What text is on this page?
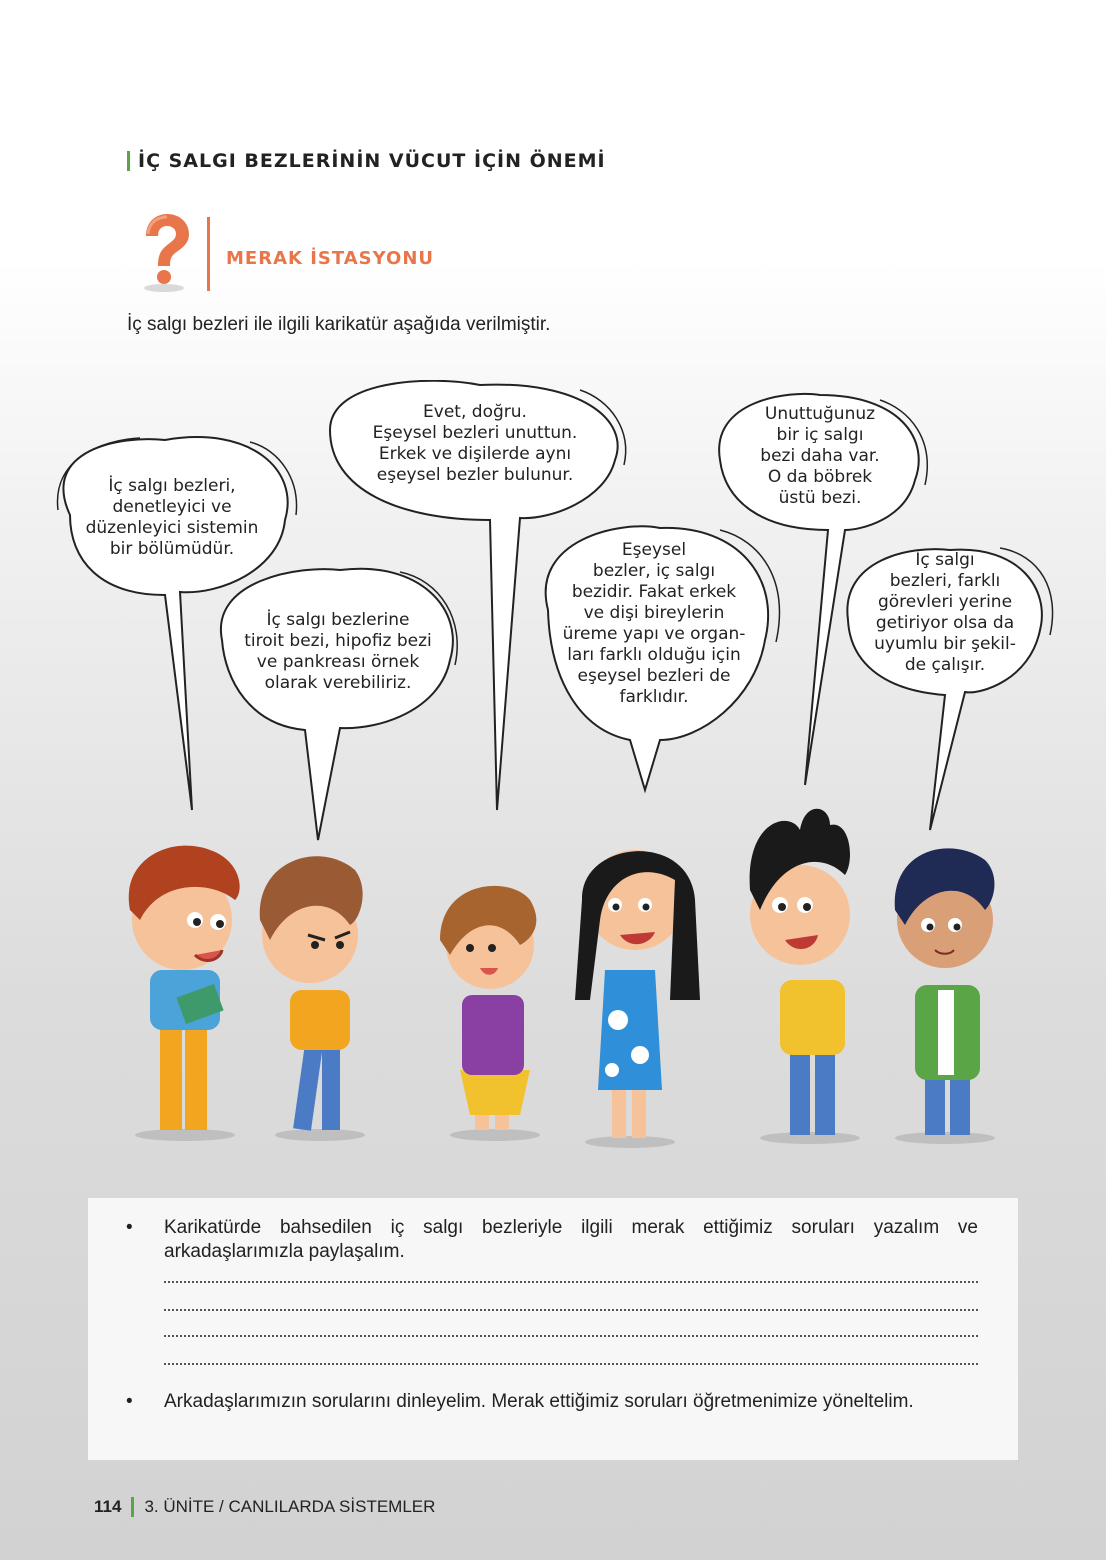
İÇ SALGI BEZLERİNİN VÜCUT İÇİN ÖNEMİ
MERAK İSTASYONU
İç salgı bezleri ile ilgili karikatür aşağıda verilmiştir.
İç salgı bezleri,
denetleyici ve
düzenleyici sistemin
bir bölümüdür.
İç salgı bezlerine
tiroit bezi, hipofiz bezi
ve pankreası örnek
olarak verebiliriz.
Evet, doğru.
Eşeysel bezleri unuttun.
Erkek ve dişilerde aynı
eşeysel bezler bulunur.
Eşeysel
bezler, iç salgı
bezidir. Fakat erkek
ve dişi bireylerin
üreme yapı ve organ-
ları farklı olduğu için
eşeysel bezleri de
farklıdır.
Unuttuğunuz
bir iç salgı
bezi daha var.
O da böbrek
üstü bezi.
İç salgı
bezleri, farklı
görevleri yerine
getiriyor olsa da
uyumlu bir şekil-
de çalışır.
• Karikatürde bahsedilen iç salgı bezleriyle ilgili merak ettiğimiz soruları yazalım ve arkadaşlarımızla paylaşalım.
• Arkadaşlarımızın sorularını dinleyelim. Merak ettiğimiz soruları öğretmenimize yöneltelim.
114 3. ÜNİTE / CANLILARDA SİSTEMLER
